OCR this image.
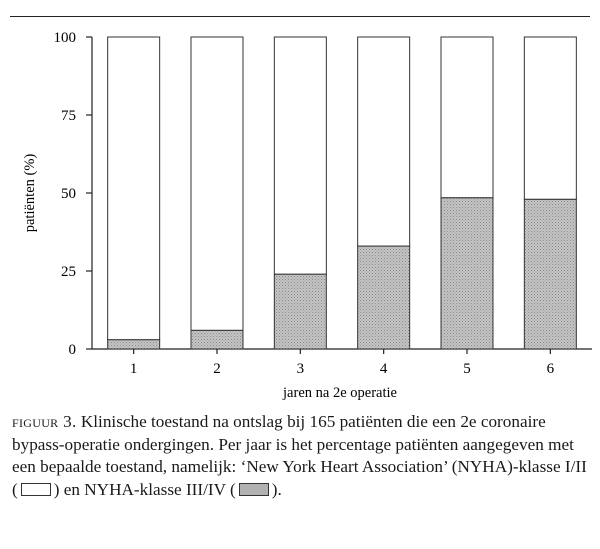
0
25
50
75
100
1	2	3	4	5	6
patiënten (%)
jaren na 2e operatie

figuur 3. Klinische toestand na ontslag bij 165 patiënten die een 2e coronaire bypass-operatie ondergingen. Per jaar is het percentage patiënten aangegeven met een bepaalde toestand, namelijk: ‘New York Heart Association’ (NYHA)-klasse I/II ( ) en NYHA-klasse III/IV ( ).
